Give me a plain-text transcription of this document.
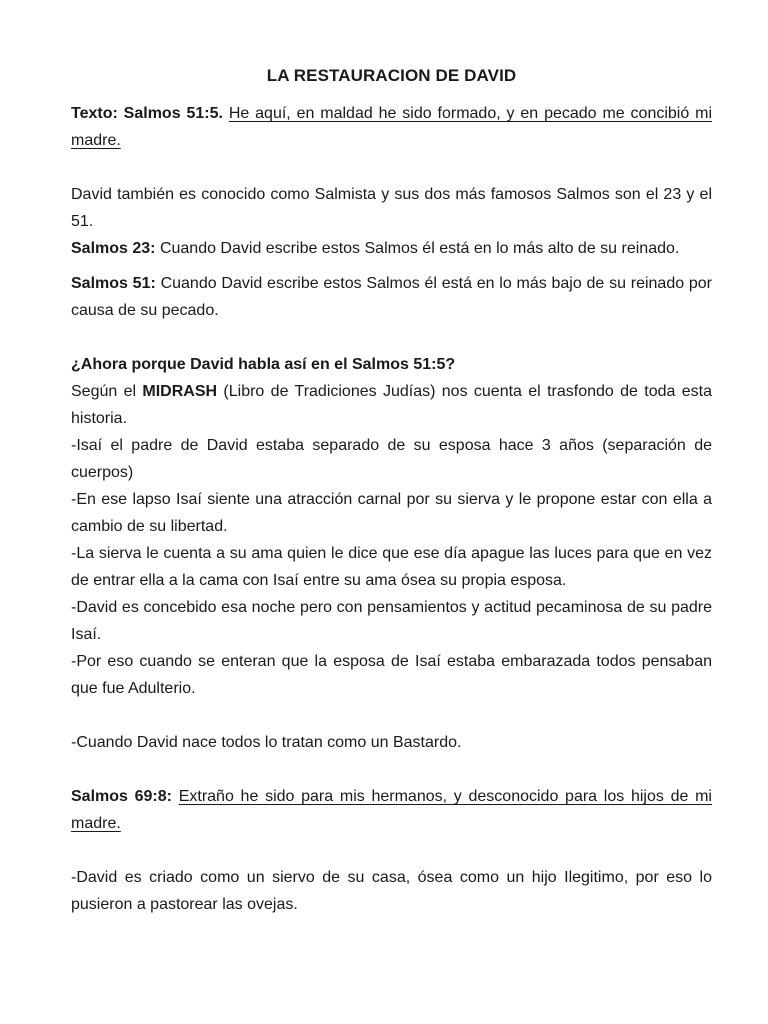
LA RESTAURACION DE DAVID

Texto: Salmos 51:5. He aquí, en maldad he sido formado, y en pecado me concibió mi madre.

David también es conocido como Salmista y sus dos más famosos Salmos son el 23 y el 51.

Salmos 23: Cuando David escribe estos Salmos él está en lo más alto de su reinado.

Salmos 51: Cuando David escribe estos Salmos él está en lo más bajo de su reinado por causa de su pecado.

¿Ahora porque David habla así en el Salmos 51:5?

Según el MIDRASH (Libro de Tradiciones Judías) nos cuenta el trasfondo de toda esta historia.

-Isaí el padre de David estaba separado de su esposa hace 3 años (separación de cuerpos)

-En ese lapso Isaí siente una atracción carnal por su sierva y le propone estar con ella a cambio de su libertad.

-La sierva le cuenta a su ama quien le dice que ese día apague las luces para que en vez de entrar ella a la cama con Isaí entre su ama ósea su propia esposa.

-David es concebido esa noche pero con pensamientos y actitud pecaminosa de su padre Isaí.

-Por eso cuando se enteran que la esposa de Isaí estaba embarazada todos pensaban que fue Adulterio.

-Cuando David nace todos lo tratan como un Bastardo.

Salmos 69:8: Extraño he sido para mis hermanos, y desconocido para los hijos de mi madre.

-David es criado como un siervo de su casa, ósea como un hijo Ilegitimo, por eso lo pusieron a pastorear las ovejas.
